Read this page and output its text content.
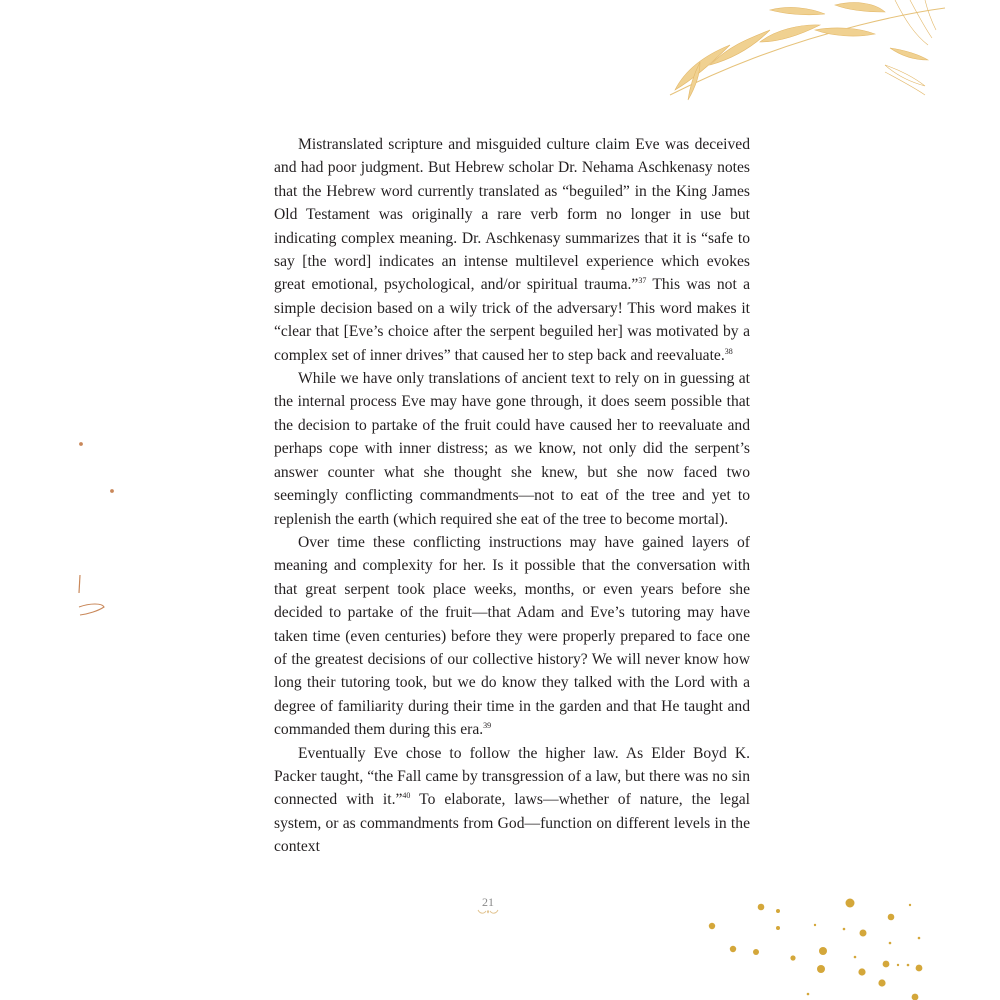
Mistranslated scripture and misguided culture claim Eve was deceived and had poor judgment. But Hebrew scholar Dr. Nehama Aschkenasy notes that the Hebrew word currently translated as “beguiled” in the King James Old Testament was originally a rare verb form no longer in use but indicating complex meaning. Dr. Aschkenasy summarizes that it is “safe to say [the word] indicates an intense multilevel experience which evokes great emotional, psychological, and/or spiritual trauma.”$^{37}$ This was not a simple decision based on a wily trick of the adversary! This word makes it “clear that [Eve’s choice after the serpent beguiled her] was motivated by a complex set of inner drives” that caused her to step back and reevaluate.$^{38}$

While we have only translations of ancient text to rely on in guessing at the internal process Eve may have gone through, it does seem possible that the decision to partake of the fruit could have caused her to reevaluate and perhaps cope with inner distress; as we know, not only did the serpent’s answer counter what she thought she knew, but she now faced two seemingly conflicting commandments—not to eat of the tree and yet to replenish the earth (which required she eat of the tree to become mortal).

Over time these conflicting instructions may have gained layers of meaning and complexity for her. Is it possible that the conversation with that great serpent took place weeks, months, or even years before she decided to partake of the fruit—that Adam and Eve’s tutoring may have taken time (even centuries) before they were properly prepared to face one of the greatest decisions of our collective history? We will never know how long their tutoring took, but we do know they talked with the Lord with a degree of familiarity during their time in the garden and that He taught and commanded them during this era.$^{39}$

Eventually Eve chose to follow the higher law. As Elder Boyd K. Packer taught, “the Fall came by transgression of a law, but there was no sin connected with it.”$^{40}$ To elaborate, laws—whether of nature, the legal system, or as commandments from God—function on different levels in the context

21
